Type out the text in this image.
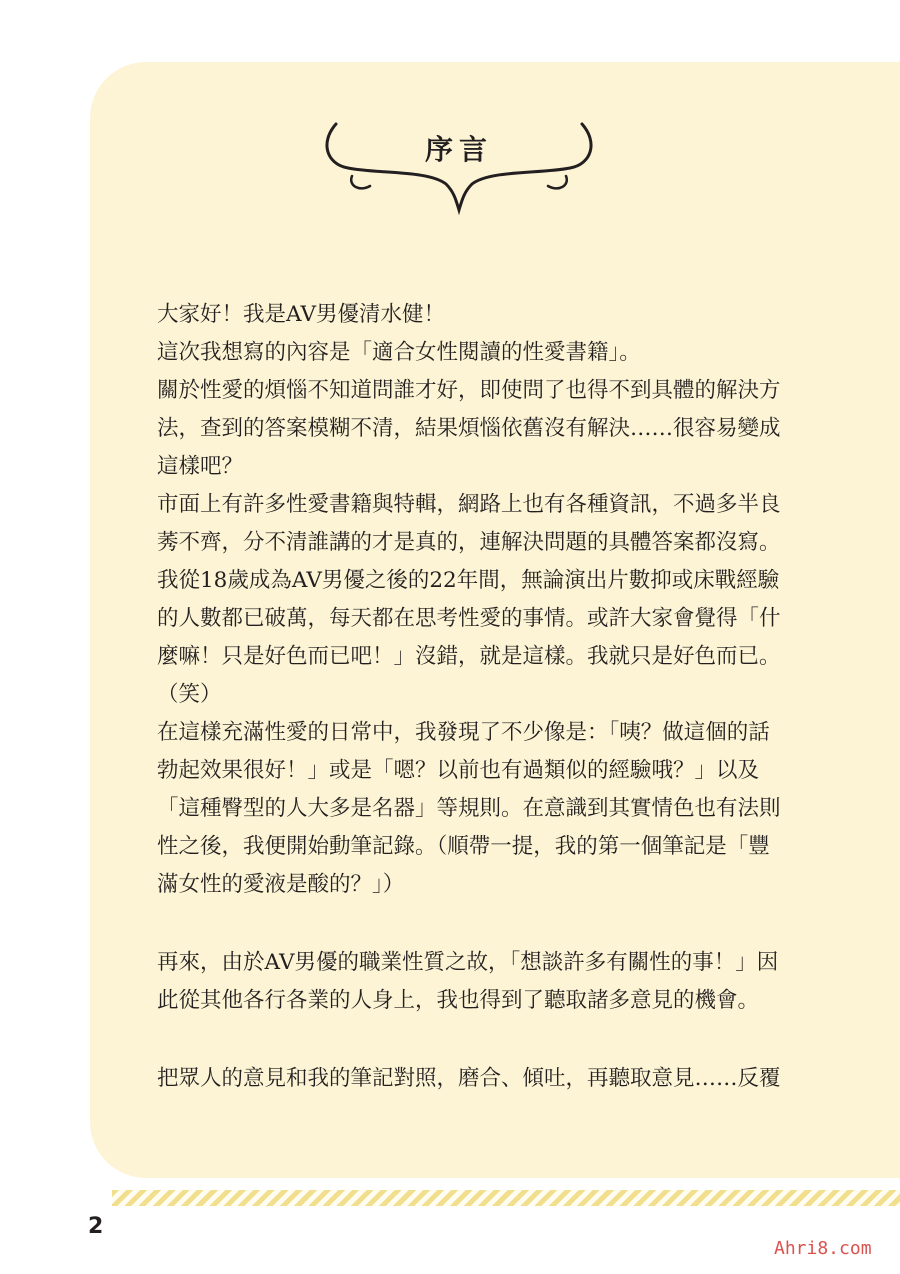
序言
大家好！我是AV男優清水健！
這次我想寫的內容是「適合女性閱讀的性愛書籍」。
關於性愛的煩惱不知道問誰才好，即使問了也得不到具體的解決方
法，查到的答案模糊不清，結果煩惱依舊沒有解決……很容易變成
這樣吧？
市面上有許多性愛書籍與特輯，網路上也有各種資訊，不過多半良
莠不齊，分不清誰講的才是真的，連解決問題的具體答案都沒寫。
我從18歲成為AV男優之後的22年間，無論演出片數抑或床戰經驗
的人數都已破萬，每天都在思考性愛的事情。或許大家會覺得「什
麼嘛！只是好色而已吧！」沒錯，就是這樣。我就只是好色而已。
（笑）
在這樣充滿性愛的日常中，我發現了不少像是：「咦？做這個的話
勃起效果很好！」或是「嗯？以前也有過類似的經驗哦？」以及
「這種臀型的人大多是名器」等規則。在意識到其實情色也有法則
性之後，我便開始動筆記錄。（順帶一提，我的第一個筆記是「豐
滿女性的愛液是酸的？」）
再來，由於AV男優的職業性質之故，「想談許多有關性的事！」因
此從其他各行各業的人身上，我也得到了聽取諸多意見的機會。
把眾人的意見和我的筆記對照，磨合、傾吐，再聽取意見……反覆
2
Ahri8.com
